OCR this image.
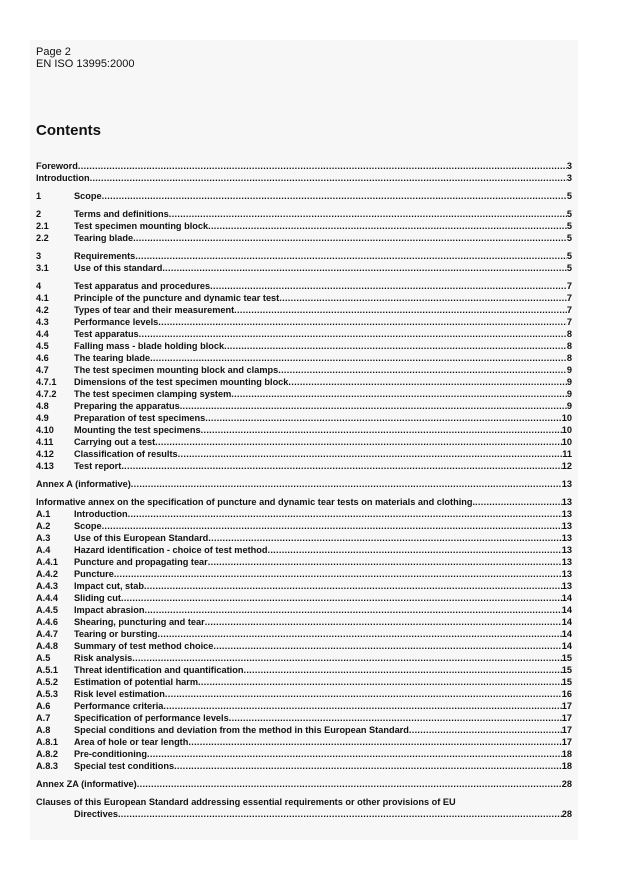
Page 2
EN ISO 13995:2000
Contents
Foreword .....	3
Introduction .....	3
1	Scope .....	5
2	Terms and definitions .....	5
2.1	Test specimen mounting block .....	5
2.2	Tearing blade .....	5
3	Requirements .....	5
3.1	Use of this standard .....	5
4	Test apparatus and procedures .....	7
4.1	Principle of the puncture and dynamic tear test .....	7
4.2	Types of tear and their measurement .....	7
4.3	Performance levels .....	7
4.4	Test apparatus .....	8
4.5	Falling mass - blade holding block .....	8
4.6	The tearing blade .....	8
4.7	The test specimen mounting block and clamps .....	9
4.7.1 Dimensions of the test specimen mounting block .....	9
4.7.2 The test specimen clamping system .....	9
4.8	Preparing the apparatus .....	9
4.9	Preparation of test specimens .....	10
4.10 Mounting the test specimens .....	10
4.11 Carrying out a test .....	10
4.12 Classification of results .....	11
4.13 Test report .....	12
Annex A (informative) .....	13
Informative annex on the specification of puncture and dynamic tear tests on materials and clothing. .....	13
A.1	Introduction .....	13
A.2	Scope .....	13
A.3	Use of this European Standard .....	13
A.4	Hazard identification - choice of test method .....	13
A.4.1 Puncture and propagating tear .....	13
A.4.2 Puncture .....	13
A.4.3 Impact cut, stab .....	13
A.4.4 Sliding cut .....	14
A.4.5 Impact abrasion .....	14
A.4.6 Shearing, puncturing and tear .....	14
A.4.7 Tearing or bursting .....	14
A.4.8 Summary of test method choice .....	14
A.5	Risk analysis .....	15
A.5.1 Threat identification and quantification .....	15
A.5.2 Estimation of potential harm .....	15
A.5.3 Risk level estimation .....	16
A.6	Performance criteria .....	17
A.7	Specification of performance levels .....	17
A.8	Special conditions and deviation from the method in this European Standard .....	17
A.8.1 Area of hole or tear length .....	17
A.8.2 Pre-conditioning .....	18
A.8.3 Special test conditions .....	18
Annex ZA (informative) .....	28
Clauses of this European Standard addressing essential requirements or other provisions of EU
Directives .....	28
